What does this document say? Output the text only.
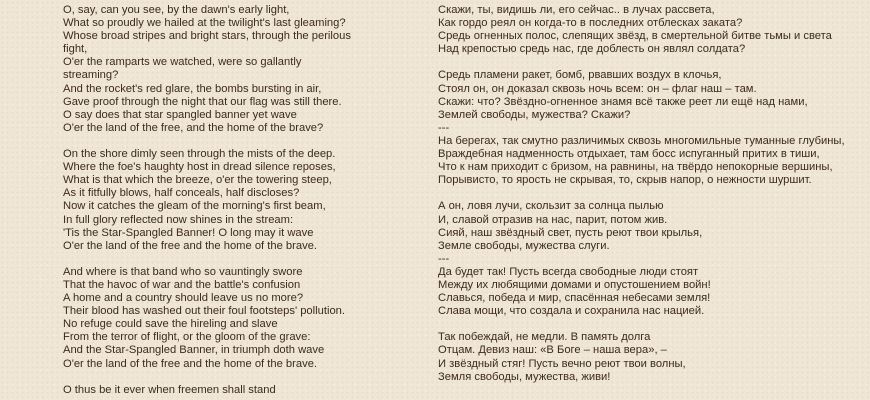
O, say, can you see, by the dawn's early light,
What so proudly we hailed at the twilight's last gleaming?
Whose broad stripes and bright stars, through the perilous
fight,
O'er the ramparts we watched, were so gallantly
streaming?
And the rocket's red glare, the bombs bursting in air,
Gave proof through the night that our flag was still there.
O say does that star spangled banner yet wave
O'er the land of the free, and the home of the brave?
On the shore dimly seen through the mists of the deep.
Where the foe's haughty host in dread silence reposes,
What is that which the breeze, o'er the towering steep,
As it fitfully blows, half conceals, half discloses?
Now it catches the gleam of the morning's first beam,
In full glory reflected now shines in the stream:
'Tis the Star-Spangled Banner! O long may it wave
O'er the land of the free and the home of the brave.
And where is that band who so vauntingly swore
That the havoc of war and the battle's confusion
A home and a country should leave us no more?
Their blood has washed out their foul footsteps' pollution.
No refuge could save the hireling and slave
From the terror of flight, or the gloom of the grave:
And the Star-Spangled Banner, in triumph doth wave
O'er the land of the free and the home of the brave.
O thus be it ever when freemen shall stand
Скажи, ты, видишь ли, его сейчас.. в лучах рассвета,
Как гордо реял он когда-то в последних отблесках заката?
Средь огненных полос, слепящих звёзд, в смертельной битве тьмы и света
Над крепостью средь нас, где доблесть он являл солдата?
Средь пламени ракет, бомб, рвавших воздух в клочья,
Стоял он, он доказал сквозь ночь всем: он – флаг наш – там.
Скажи: что? Звёздно-огненное знамя всё также реет ли ещё над нами,
Землей свободы, мужества? Скажи?
---
На берегах, так смутно различимых сквозь многомильные туманные глубины,
Враждебная надменность отдыхает, там босс испуганный притих в тиши,
Что к нам приходит с бризом, на равнины, на твёрдо непокорные вершины,
Порывисто, то ярость не скрывая, то, скрыв напор, о нежности шуршит.
А он, ловя лучи, скользит за солнца пылью
И, славой отразив на нас, парит, потом жив.
Сияй, наш звёздный свет, пусть реют твои крылья,
Земле свободы, мужества слуги.
---
Да будет так! Пусть всегда свободные люди стоят
Между их любящими домами и опустошением войн!
Славься, победа и мир, спасённая небесами земля!
Слава мощи, что создала и сохранила нас нацией.
Так побеждай, не медли. В память долга
Отцам. Девиз наш: «В Боге – наша вера», –
И звёздный стяг! Пусть вечно реют твои волны,
Земля свободы, мужества, живи!
